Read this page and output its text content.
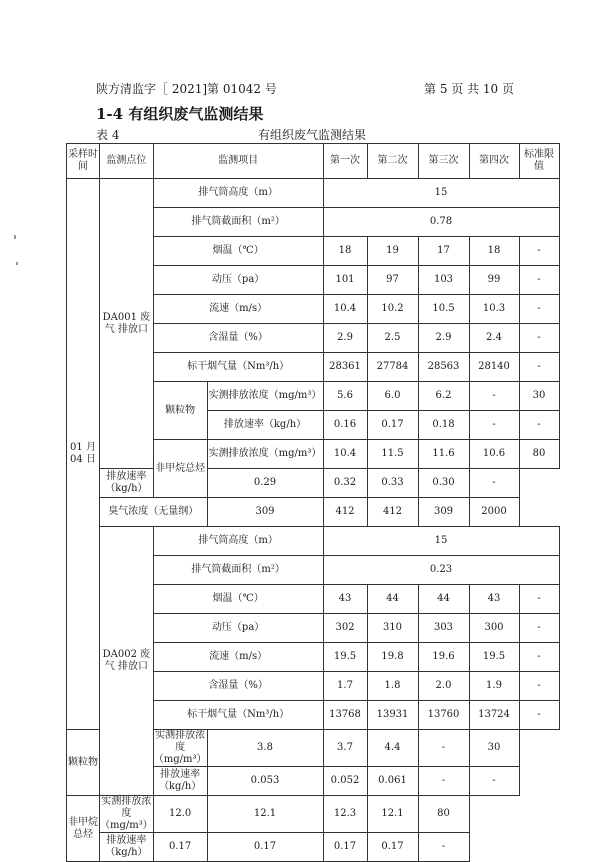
陕方清监字［ 2021]第 01042 号	第 5 页 共 10 页
1-4 有组织废气监测结果
表 4	有组织废气监测结果
采样时间	监测点位	监测项目		第一次	第二次	第三次	第四次	标准限值
01 月 04 日	DA001 废 气 排放口	排气筒高度（m）		15				
		排气筒截面积（m²）		0.78				
		烟温（℃）		18	19	17	18	-
		动压（pa）		101	97	103	99	-
		流速（m/s）		10.4	10.2	10.5	10.3	-
		含湿量（%）		2.9	2.5	2.9	2.4	-
		标干烟气量（Nm³/h）		28361	27784	28563	28140	-
		颗粒物	实测排放浓度（mg/m³）	5.6	6.0	6.2	-	30
			排放速率（kg/h）	0.16	0.17	0.18	-	-
		非甲烷总烃	实测排放浓度（mg/m³）	10.4	11.5	11.6	10.6	80
	排放速率（kg/h）		0.29	0.32	0.33	0.30	-	
	臭气浓度（无量纲）		309	412	412	309	2000	
	DA002 废 气 排放口	排气筒高度（m）		15				
		排气筒截面积（m²）		0.23				
		烟温（℃）		43	44	44	43	-
		动压（pa）		302	310	303	300	-
		流速（m/s）		19.5	19.8	19.6	19.5	-
		含湿量（%）		1.7	1.8	2.0	1.9	-
		标干烟气量（Nm³/h）		13768	13931	13760	13724	-
颗粒物		实测排放浓度（mg/m³）	3.8	3.7	4.4	-	30	
		排放速率（kg/h）	0.053	0.052	0.061	-	-	
非甲烷总烃	实测排放浓度（mg/m³）	12.0	12.1	12.3	12.1	80		
	排放速率（kg/h）	0.17	0.17	0.17	0.17	-		
